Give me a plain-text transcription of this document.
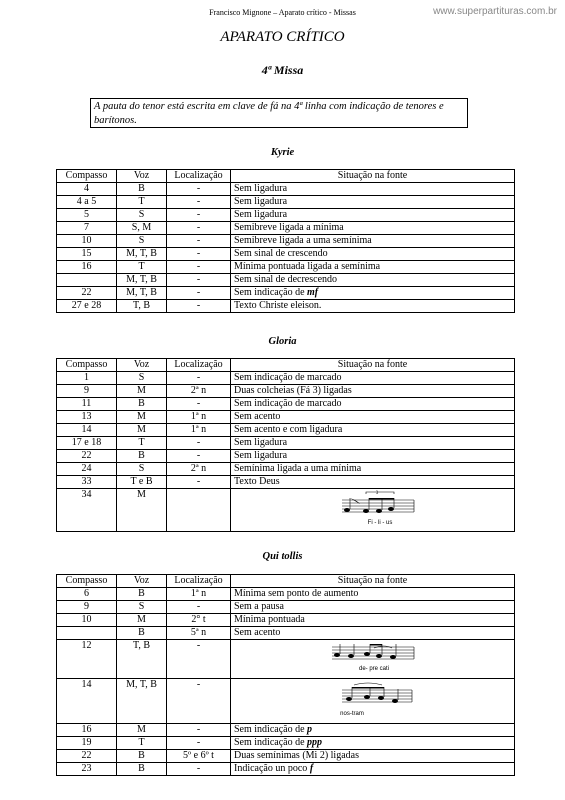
Francisco Mignone – Aparato crítico - Missas	www.superpartituras.com.br
APARATO CRÍTICO
4ª Missa
A pauta do tenor está escrita em clave de fá na 4ª linha com indicação de tenores e barítonos.
Kyrie
Compasso	Voz	Localização	Situação na fonte
4	B	-	Sem ligadura
4 a 5	T	-	Sem ligadura
5	S	-	Sem ligadura
7	S, M	-	Semibreve ligada a mínima
10	S	-	Semibreve ligada a uma semínima
15	M, T, B	-	Sem sinal de crescendo
16	T	-	Mínima pontuada ligada a semínima
	M, T, B	-	Sem sinal de decrescendo
22	M, T, B	-	Sem indicação de mf
27 e 28	T, B	-	Texto Christe eleison.
Gloria
Compasso	Voz	Localização	Situação na fonte
1	S	-	Sem indicação de marcado
9	M	2ª n	Duas colcheias (Fá 3) ligadas
11	B	-	Sem indicação de marcado
13	M	1ª n	Sem acento
14	M	1ª n	Sem acento e com ligadura
17 e 18	T	-	Sem ligadura
22	B	-	Sem ligadura
24	S	2ª n	Semínima ligada a uma mínima
33	T e B	-	Texto Deus
34	M		3
Fi - li - us
Qui tollis
Compasso	Voz	Localização	Situação na fonte
6	B	1ª n	Mínima sem ponto de aumento
9	S	-	Sem a pausa
10	M	2° t	Mínima pontuada
	B	5ª n	Sem acento
12	T, B	-	de- pre cati

14	M, T, B	-	nos-tram

16	M	-	Sem indicação de p
19	T	-	Sem indicação de ppp
22	B	5º e 6º t	Duas semínimas (Mi 2) ligadas
23	B	-	Indicação un poco f
